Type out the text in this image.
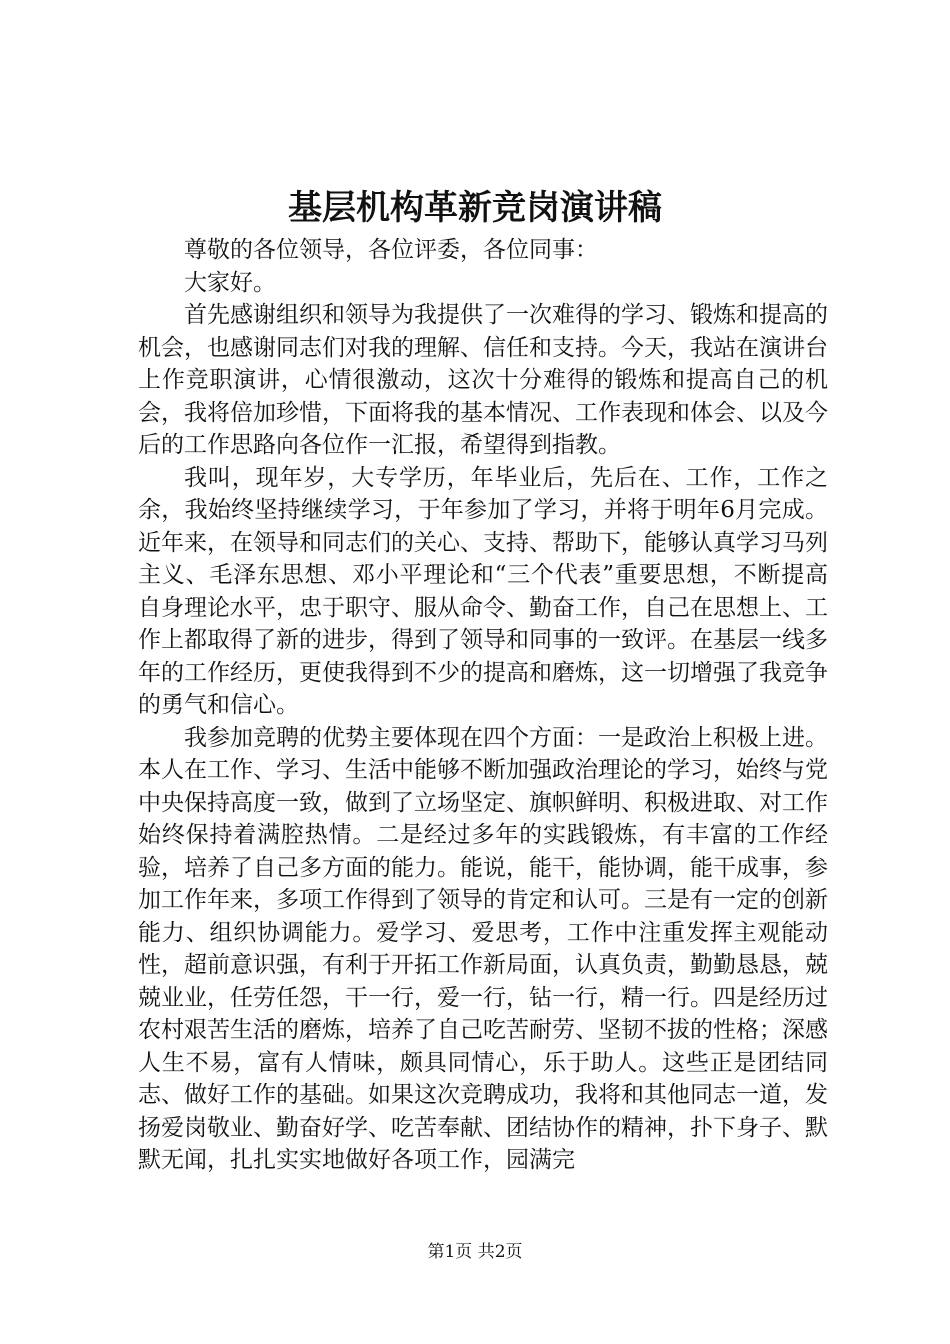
基层机构革新竞岗演讲稿

尊敬的各位领导，各位评委，各位同事：

大家好。

首先感谢组织和领导为我提供了一次难得的学习、锻炼和提高的机会，也感谢同志们对我的理解、信任和支持。今天，我站在演讲台上作竞职演讲，心情很激动，这次十分难得的锻炼和提高自己的机会，我将倍加珍惜，下面将我的基本情况、工作表现和体会、以及今后的工作思路向各位作一汇报，希望得到指教。

我叫，现年岁，大专学历，年毕业后，先后在、工作，工作之余，我始终坚持继续学习，于年参加了学习，并将于明年6月完成。近年来，在领导和同志们的关心、支持、帮助下，能够认真学习马列主义、毛泽东思想、邓小平理论和“三个代表”重要思想，不断提高自身理论水平，忠于职守、服从命令、勤奋工作，自己在思想上、工作上都取得了新的进步，得到了领导和同事的一致评。在基层一线多年的工作经历，更使我得到不少的提高和磨炼，这一切增强了我竞争的勇气和信心。

我参加竞聘的优势主要体现在四个方面：一是政治上积极上进。本人在工作、学习、生活中能够不断加强政治理论的学习，始终与党中央保持高度一致，做到了立场坚定、旗帜鲜明、积极进取、对工作始终保持着满腔热情。二是经过多年的实践锻炼，有丰富的工作经验，培养了自己多方面的能力。能说，能干，能协调，能干成事，参加工作年来，多项工作得到了领导的肯定和认可。三是有一定的创新能力、组织协调能力。爱学习、爱思考，工作中注重发挥主观能动性，超前意识强，有利于开拓工作新局面，认真负责，勤勤恳恳，兢兢业业，任劳任怨，干一行，爱一行，钻一行，精一行。四是经历过农村艰苦生活的磨炼，培养了自己吃苦耐劳、坚韧不拔的性格；深感人生不易，富有人情味，颇具同情心，乐于助人。这些正是团结同志、做好工作的基础。如果这次竞聘成功，我将和其他同志一道，发扬爱岗敬业、勤奋好学、吃苦奉献、团结协作的精神，扑下身子、默默无闻，扎扎实实地做好各项工作，园满完

第1页 共2页
